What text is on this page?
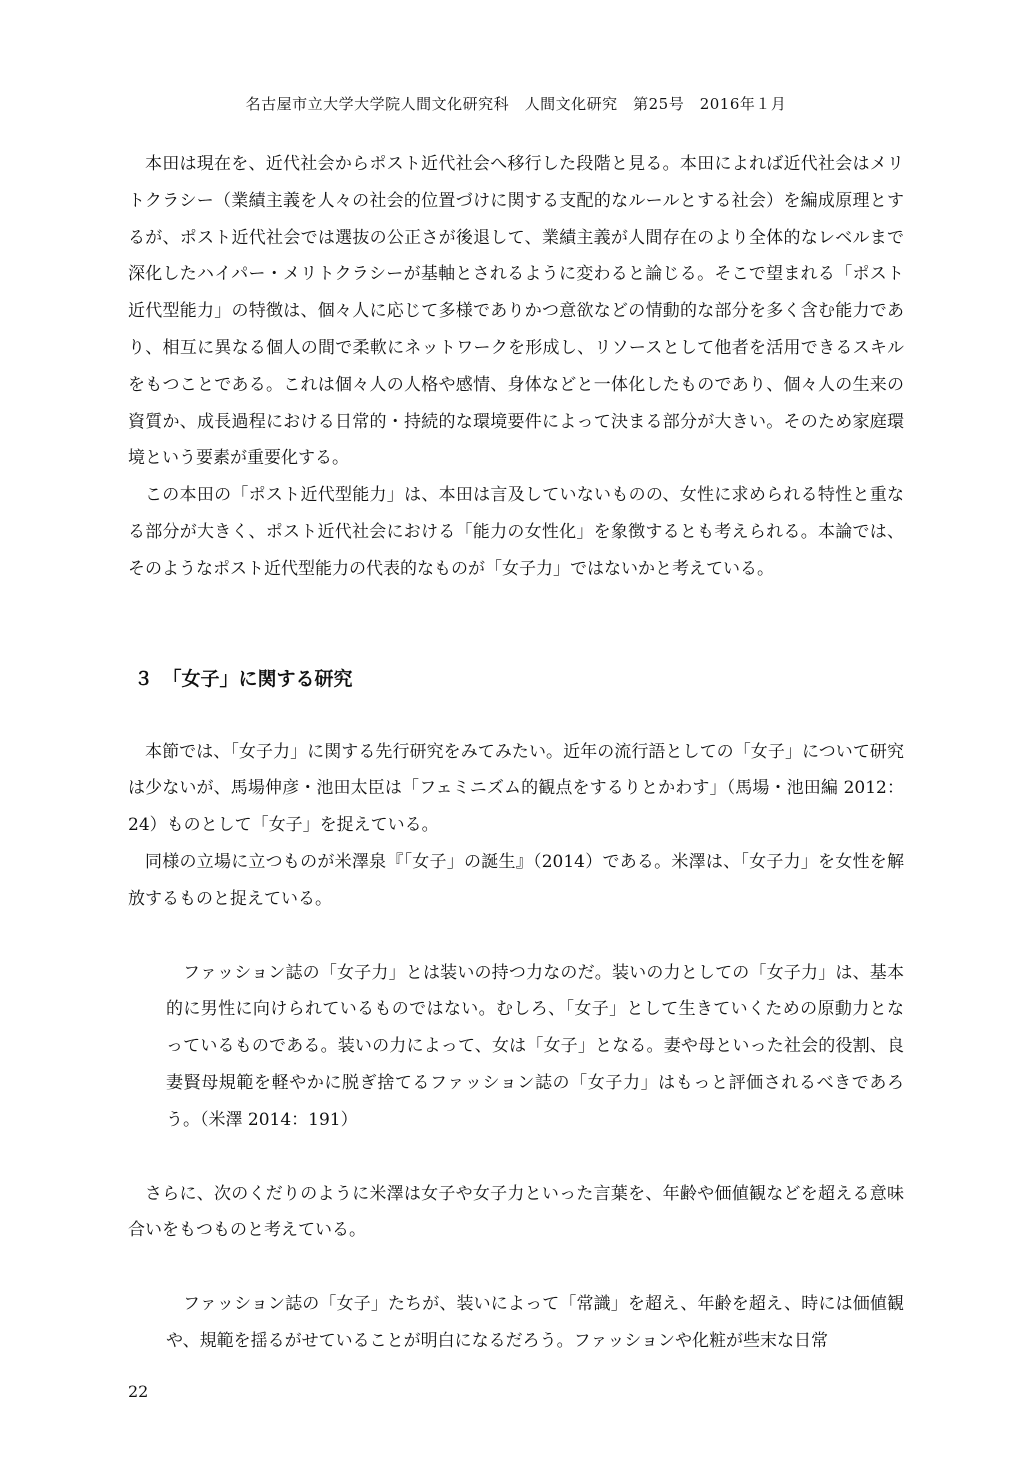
名古屋市立大学大学院人間文化研究科　人間文化研究　第25号　2016年１月

本田は現在を、近代社会からポスト近代社会へ移行した段階と見る。本田によれば近代社会はメリトクラシー（業績主義を人々の社会的位置づけに関する支配的なルールとする社会）を編成原理とするが、ポスト近代社会では選抜の公正さが後退して、業績主義が人間存在のより全体的なレベルまで深化したハイパー・メリトクラシーが基軸とされるように変わると論じる。そこで望まれる「ポスト近代型能力」の特徴は、個々人に応じて多様でありかつ意欲などの情動的な部分を多く含む能力であり、相互に異なる個人の間で柔軟にネットワークを形成し、リソースとして他者を活用できるスキルをもつことである。これは個々人の人格や感情、身体などと一体化したものであり、個々人の生来の資質か、成長過程における日常的・持続的な環境要件によって決まる部分が大きい。そのため家庭環境という要素が重要化する。

この本田の「ポスト近代型能力」は、本田は言及していないものの、女性に求められる特性と重なる部分が大きく、ポスト近代社会における「能力の女性化」を象徴するとも考えられる。本論では、そのようなポスト近代型能力の代表的なものが「女子力」ではないかと考えている。

３　「女子」に関する研究

本節では、「女子力」に関する先行研究をみてみたい。近年の流行語としての「女子」について研究は少ないが、馬場伸彦・池田太臣は「フェミニズム的観点をするりとかわす」（馬場・池田編 2012：24）ものとして「女子」を捉えている。

同様の立場に立つものが米澤泉『「女子」の誕生』（2014）である。米澤は、「女子力」を女性を解放するものと捉えている。

ファッション誌の「女子力」とは装いの持つ力なのだ。装いの力としての「女子力」は、基本的に男性に向けられているものではない。むしろ、「女子」として生きていくための原動力となっているものである。装いの力によって、女は「女子」となる。妻や母といった社会的役割、良妻賢母規範を軽やかに脱ぎ捨てるファッション誌の「女子力」はもっと評価されるべきであろう。（米澤 2014：191）

さらに、次のくだりのように米澤は女子や女子力といった言葉を、年齢や価値観などを超える意味合いをもつものと考えている。

ファッション誌の「女子」たちが、装いによって「常識」を超え、年齢を超え、時には価値観や、規範を揺るがせていることが明白になるだろう。ファッションや化粧が些末な日常

22
